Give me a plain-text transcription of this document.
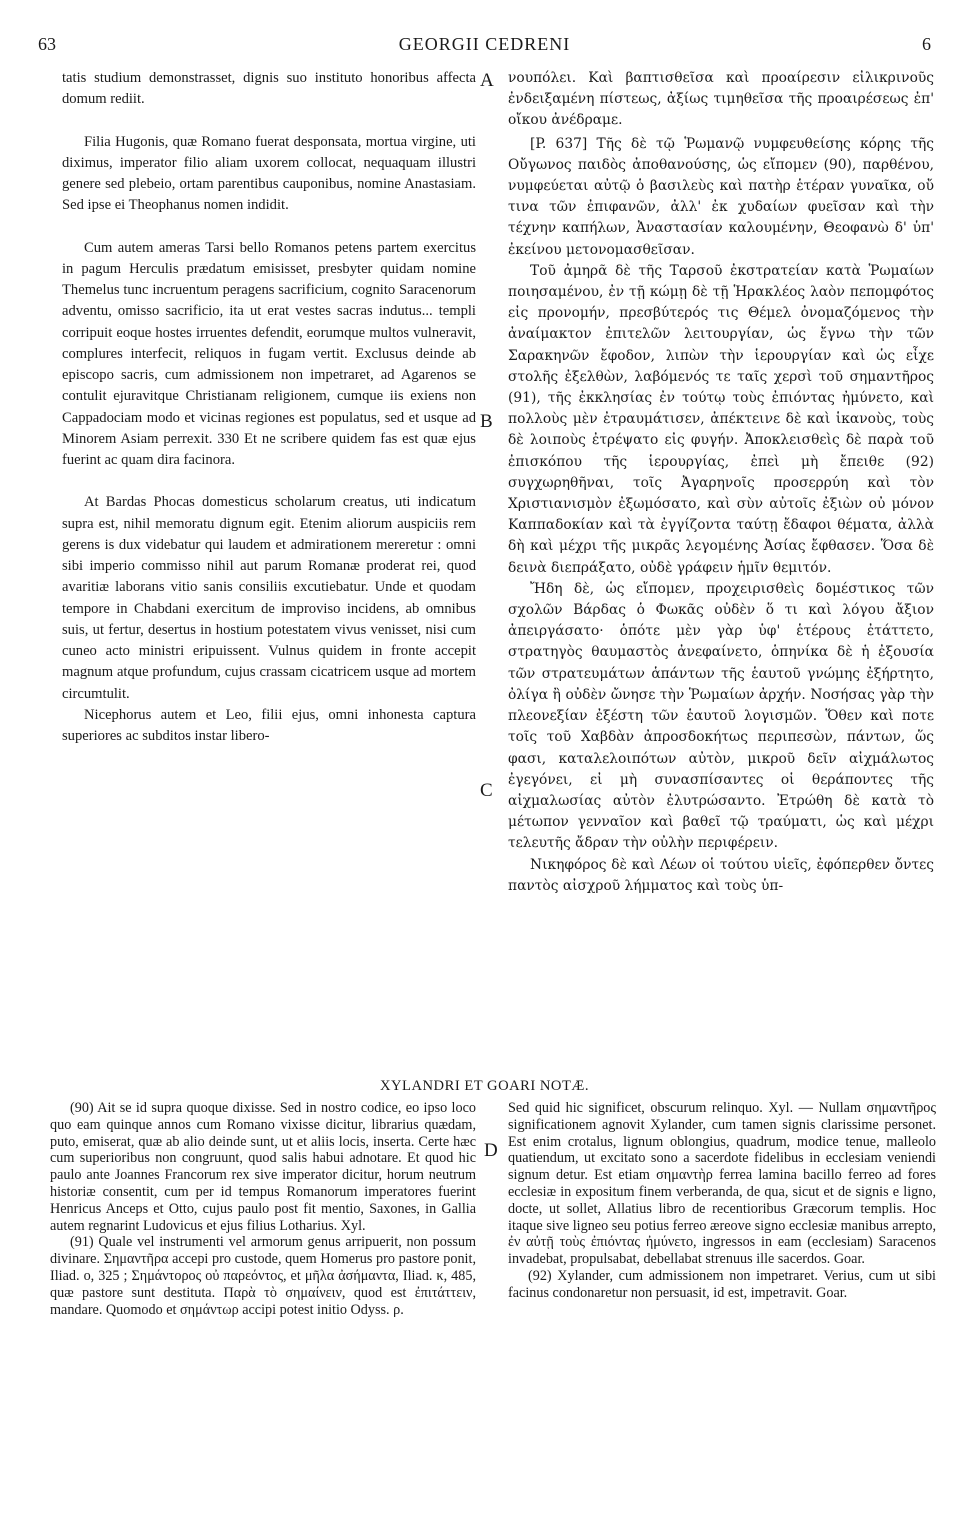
63	GEORGII CEDRENI	6

tatis studium demonstrasset, dignis suo instituto honoribus affecta domum rediit.

Filia Hugonis, quæ Romano fuerat desponsata, mortua virgine, uti diximus, imperator filio aliam uxorem collocat, nequaquam illustri genere sed plebeio, ortam parentibus cauponibus, nomine Anastasiam. Sed ipse ei Theophanus nomen indidit.

Cum autem ameras Tarsi bello Romanos petens partem exercitus in pagum Herculis prædatum emisisset, presbyter quidam nomine Themelus tunc incruentum peragens sacrificium, cognito Saracenorum adventu, omisso sacrificio, ita ut erat vestes sacras indutus... templi corripuit eoque hostes irruentes defendit, eorumque multos vulneravit, complures interfecit, reliquos in fugam vertit. Exclusus deinde ab episcopo sacris, cum admissionem non impetraret, ad Agarenos se contulit ejuravitque Christianam religionem, cumque iis exiens non Cappadociam modo et vicinas regiones est populatus, sed et usque ad Minorem Asiam perrexit. 330 Et ne scribere quidem fas est quæ ejus fuerint ac quam dira facinora.

At Bardas Phocas domesticus scholarum creatus, uti indicatum supra est, nihil memoratu dignum egit. Etenim aliorum auspiciis rem gerens is dux videbatur qui laudem et admirationem mereretur : omni sibi imperio commisso nihil aut parum Romanæ proderat rei, quod avaritiæ laborans vitio sanis consiliis excutiebatur. Unde et quodam tempore in Chabdani exercitum de improviso incidens, ab omnibus suis, ut fertur, desertus in hostium potestatem vivus venisset, nisi cum cuneo acto ministri eripuissent. Vulnus quidem in fronte accepit magnum atque profundum, cujus crassam cicatricem usque ad mortem circumtulit.

Nicephorus autem et Leo, filii ejus, omni inhonesta captura superiores ac subditos instar libero-

A
B
C
D

νουπόλει. Καὶ βαπτισθεῖσα καὶ προαίρεσιν εἰλικρινοῦς ἐνδειξαμένη πίστεως, ἀξίως τιμηθεῖσα τῆς προαιρέσεως ἐπ' οἴκου ἀνέδραμε.

[P. 637] Τῆς δὲ τῷ Ῥωμανῷ νυμφευθείσης κόρης τῆς Οὔγωνος παιδὸς ἀποθανούσης, ὡς εἴπομεν (90), παρθένου, νυμφεύεται αὐτῷ ὁ βασιλεὺς καὶ πατὴρ ἑτέραν γυναῖκα, οὔ τινα τῶν ἐπιφανῶν, ἀλλ' ἐκ χυδαίων φυεῖσαν καὶ τὴν τέχνην καπήλων, Ἀναστασίαν καλουμένην, Θεοφανὼ δ' ὑπ' ἐκείνου μετονομασθεῖσαν.

Τοῦ ἀμηρᾶ δὲ τῆς Ταρσοῦ ἐκστρατείαν κατὰ Ῥωμαίων ποιησαμένου, ἐν τῇ κώμῃ δὲ τῇ Ἡρακλέος λαὸν πεπομφότος εἰς προνομήν, πρεσβύτερός τις Θέμελ ὀνομαζόμενος τὴν ἀναίμακτον ἐπιτελῶν λειτουργίαν, ὡς ἔγνω τὴν τῶν Σαρακηνῶν ἔφοδον, λιπὼν τὴν ἱερουργίαν καὶ ὡς εἶχε στολῆς ἐξελθὼν, λαβόμενός τε ταῖς χερσὶ τοῦ σημαντῆρος (91), τῆς ἐκκλησίας ἐν τούτῳ τοὺς ἐπιόντας ἠμύνετο, καὶ πολλοὺς μὲν ἐτραυμάτισεν, ἀπέκτεινε δὲ καὶ ἱκανοὺς, τοὺς δὲ λοιποὺς ἐτρέψατο εἰς φυγήν. Ἀποκλεισθεὶς δὲ παρὰ τοῦ ἐπισκόπου τῆς ἱερουργίας, ἐπεὶ μὴ ἔπειθε (92) συγχωρηθῆναι, τοῖς Ἀγαρηνοῖς προσερρύη καὶ τὸν Χριστιανισμὸν ἐξωμόσατο, καὶ σὺν αὐτοῖς ἐξιὼν οὐ μόνον Καππαδοκίαν καὶ τὰ ἐγγίζοντα ταύτῃ ἔδαφοι θέματα, ἀλλὰ δὴ καὶ μέχρι τῆς μικρᾶς λεγομένης Ἀσίας ἔφθασεν. Ὅσα δὲ δεινὰ διεπράξατο, οὐδὲ γράφειν ἡμῖν θεμιτόν.

Ἤδη δὲ, ὡς εἴπομεν, προχειρισθεὶς δομέστικος τῶν σχολῶν Βάρδας ὁ Φωκᾶς οὐδὲν ὅ τι καὶ λόγου ἄξιον ἀπειργάσατο· ὁπότε μὲν γὰρ ὑφ' ἑτέρους ἐτάττετο, στρατηγὸς θαυμαστὸς ἀνεφαίνετο, ὁπηνίκα δὲ ἡ ἐξουσία τῶν στρατευμάτων ἁπάντων τῆς ἑαυτοῦ γνώμης ἐξήρτητο, ὀλίγα ἢ οὐδὲν ὤνησε τὴν Ῥωμαίων ἀρχήν. Νοσήσας γὰρ τὴν πλεονεξίαν ἐξέστη τῶν ἑαυτοῦ λογισμῶν. Ὅθεν καὶ ποτε τοῖς τοῦ Χαβδὰν ἀπροσδοκήτως περιπεσὼν, πάντων, ὥς φασι, καταλελοιπότων αὐτὸν, μικροῦ δεῖν αἰχμάλωτος ἐγεγόνει, εἰ μὴ συνασπίσαντες οἱ θεράποντες τῆς αἰχμαλωσίας αὐτὸν ἐλυτρώσαντο. Ἐτρώθη δὲ κατὰ τὸ μέτωπον γενναῖον καὶ βαθεῖ τῷ τραύματι, ὡς καὶ μέχρι τελευτῆς ἄδραν τὴν οὐλὴν περιφέρειν.

Νικηφόρος δὲ καὶ Λέων οἱ τούτου υἱεῖς, ἐφόπερθεν ὄντες παντὸς αἰσχροῦ λήμματος καὶ τοὺς ὑπ-

XYLANDRI ET GOARI NOTÆ.

(90) Ait se id supra quoque dixisse. Sed in nostro codice, eo ipso loco quo eam quinque annos cum Romano vixisse dicitur, librarius quædam, puto, emiserat, quæ ab alio deinde sunt, ut et aliis locis, inserta. Certe hæc cum superioribus non congruunt, quod salis habui adnotare. Et quod hic paulo ante Joannes Francorum rex sive imperator dicitur, horum neutrum historiæ consentit, cum per id tempus Romanorum imperatores fuerint Henricus Anceps et Otto, cujus paulo post fit mentio, Saxones, in Gallia autem regnarint Ludovicus et ejus filius Lotharius. Xyl.

(91) Quale vel instrumenti vel armorum genus arripuerit, non possum divinare. Σημαντῆρα accepi pro custode, quem Homerus pro pastore ponit, Iliad. ο, 325 ; Σημάντορος οὐ παρεόντος, et μῆλα ἀσήμαντα, Iliad. κ, 485, quæ pastore sunt destituta. Παρὰ τὸ σημαίνειν, quod est ἐπιτάττειν, mandare. Quomodo et σημάντωρ accipi potest initio Odyss. ρ.

Sed quid hic significet, obscurum relinquo. Xyl. — Nullam σημαντῆρος significationem agnovit Xylander, cum tamen signis clarissime personet. Est enim crotalus, lignum oblongius, quadrum, modice tenue, malleolo quatiendum, ut excitato sono a sacerdote fidelibus in ecclesiam veniendi signum detur. Est etiam σημαντὴρ ferrea lamina bacillo ferreo ad fores ecclesiæ in expositum finem verberanda, de qua, sicut et de signis e ligno, docte, ut sollet, Allatius libro de recentioribus Græcorum templis. Hoc itaque sive ligneo seu potius ferreo æreove signo ecclesiæ manibus arrepto, ἐν αὐτῇ τοὺς ἐπιόντας ἠμύνετο, ingressos in eam (ecclesiam) Saracenos invadebat, propulsabat, debellabat strenuus ille sacerdos. Goar.

(92) Xylander, cum admissionem non impetraret. Verius, cum ut sibi facinus condonaretur non persuasit, id est, impetravit. Goar.
